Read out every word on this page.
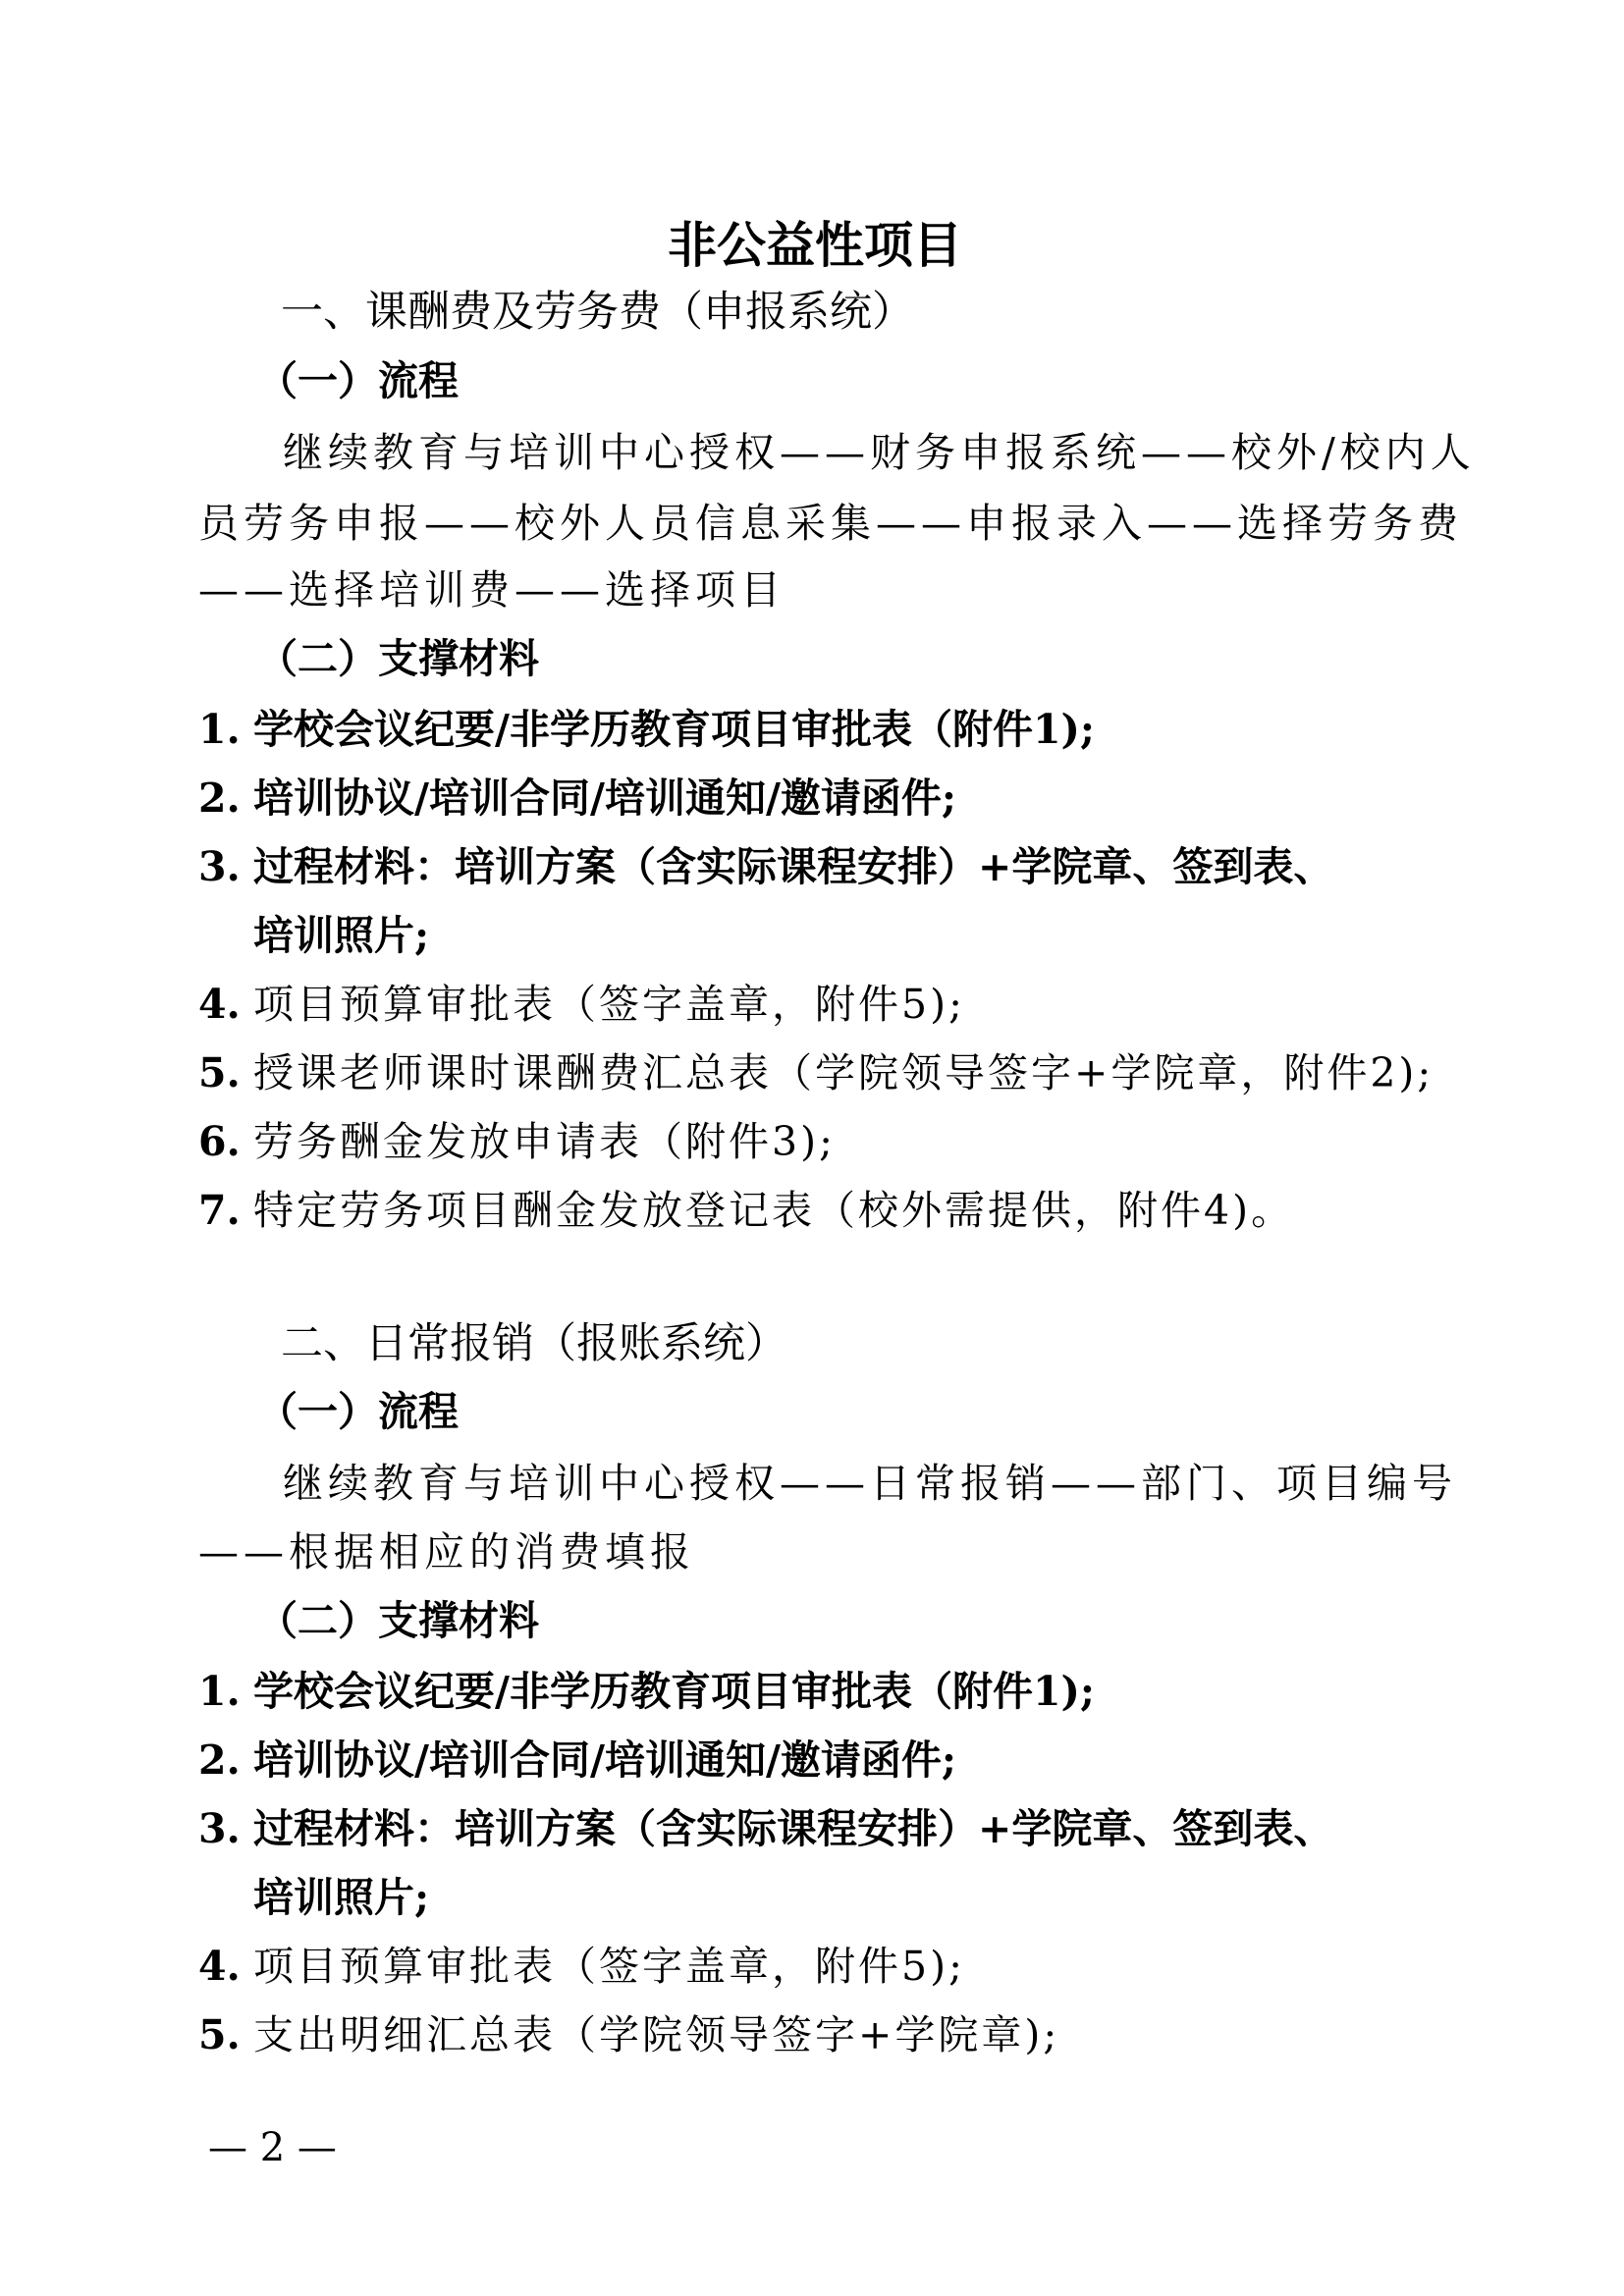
非公益性项目
一、课酬费及劳务费（申报系统）
（一）流程
继续教育与培训中心授权——财务申报系统——校外/校内人
员劳务申报——校外人员信息采集——申报录入——选择劳务费
——选择培训费——选择项目
（二）支撑材料
1. 学校会议纪要/非学历教育项目审批表（附件1);
2. 培训协议/培训合同/培训通知/邀请函件;
3. 过程材料：培训方案（含实际课程安排）+学院章、签到表、
培训照片;
4. 项目预算审批表（签字盖章，附件5);
5. 授课老师课时课酬费汇总表（学院领导签字+学院章，附件2);
6. 劳务酬金发放申请表（附件3);
7. 特定劳务项目酬金发放登记表（校外需提供，附件4)。
二、日常报销（报账系统）
（一）流程
继续教育与培训中心授权——日常报销——部门、项目编号
——根据相应的消费填报
（二）支撑材料
1. 学校会议纪要/非学历教育项目审批表（附件1);
2. 培训协议/培训合同/培训通知/邀请函件;
3. 过程材料：培训方案（含实际课程安排）+学院章、签到表、
培训照片;
4. 项目预算审批表（签字盖章，附件5);
5. 支出明细汇总表（学院领导签字+学院章);
— 2 —
